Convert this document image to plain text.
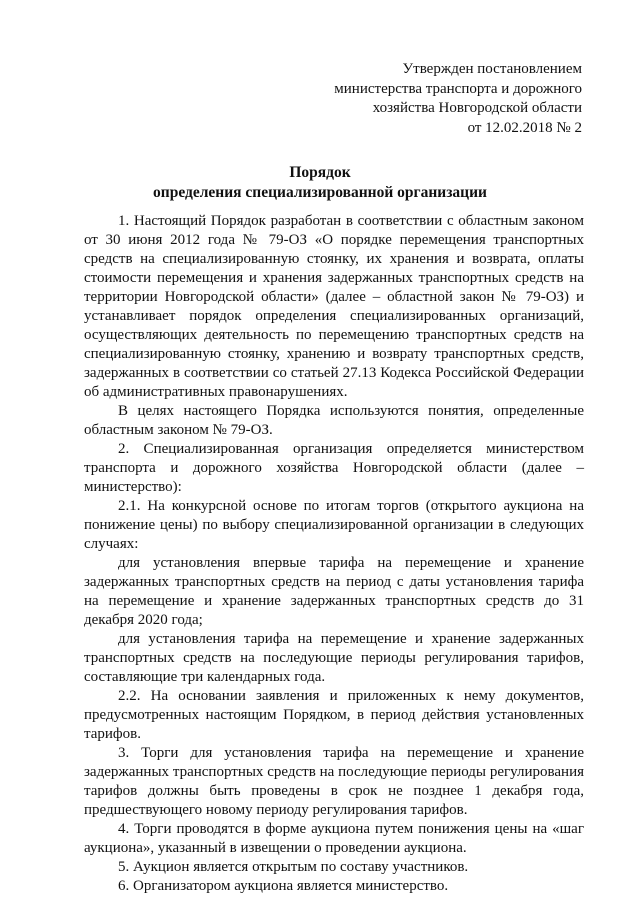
Утвержден постановлением
министерства транспорта и дорожного
хозяйства Новгородской области
от 12.02.2018 № 2
Порядок
определения специализированной организации

1. Настоящий Порядок разработан в соответствии с областным законом от 30 июня 2012 года № 79-ОЗ «О порядке перемещения транспортных средств на специализированную стоянку, их хранения и возврата, оплаты стоимости перемещения и хранения задержанных транспортных средств на территории Новгородской области» (далее – областной закон № 79-ОЗ) и устанавливает порядок определения специализированных организаций, осуществляющих деятельность по перемещению транспортных средств на специализированную стоянку, хранению и возврату транспортных средств, задержанных в соответствии со статьей 27.13 Кодекса Российской Федерации об административных правонарушениях.

В целях настоящего Порядка используются понятия, определенные областным законом № 79-ОЗ.

2. Специализированная организация определяется министерством транспорта и дорожного хозяйства Новгородской области (далее – министерство):

2.1. На конкурсной основе по итогам торгов (открытого аукциона на понижение цены) по выбору специализированной организации в следующих случаях:

для установления впервые тарифа на перемещение и хранение задержанных транспортных средств на период с даты установления тарифа на перемещение и хранение задержанных транспортных средств до 31 декабря 2020 года;

для установления тарифа на перемещение и хранение задержанных транспортных средств на последующие периоды регулирования тарифов, составляющие три календарных года.

2.2. На основании заявления и приложенных к нему документов, предусмотренных настоящим Порядком, в период действия установленных тарифов.

3. Торги для установления тарифа на перемещение и хранение задержанных транспортных средств на последующие периоды регулирования тарифов должны быть проведены в срок не позднее 1 декабря года, предшествующего новому периоду регулирования тарифов.

4. Торги проводятся в форме аукциона путем понижения цены на «шаг аукциона», указанный в извещении о проведении аукциона.

5. Аукцион является открытым по составу участников.

6. Организатором аукциона является министерство.
